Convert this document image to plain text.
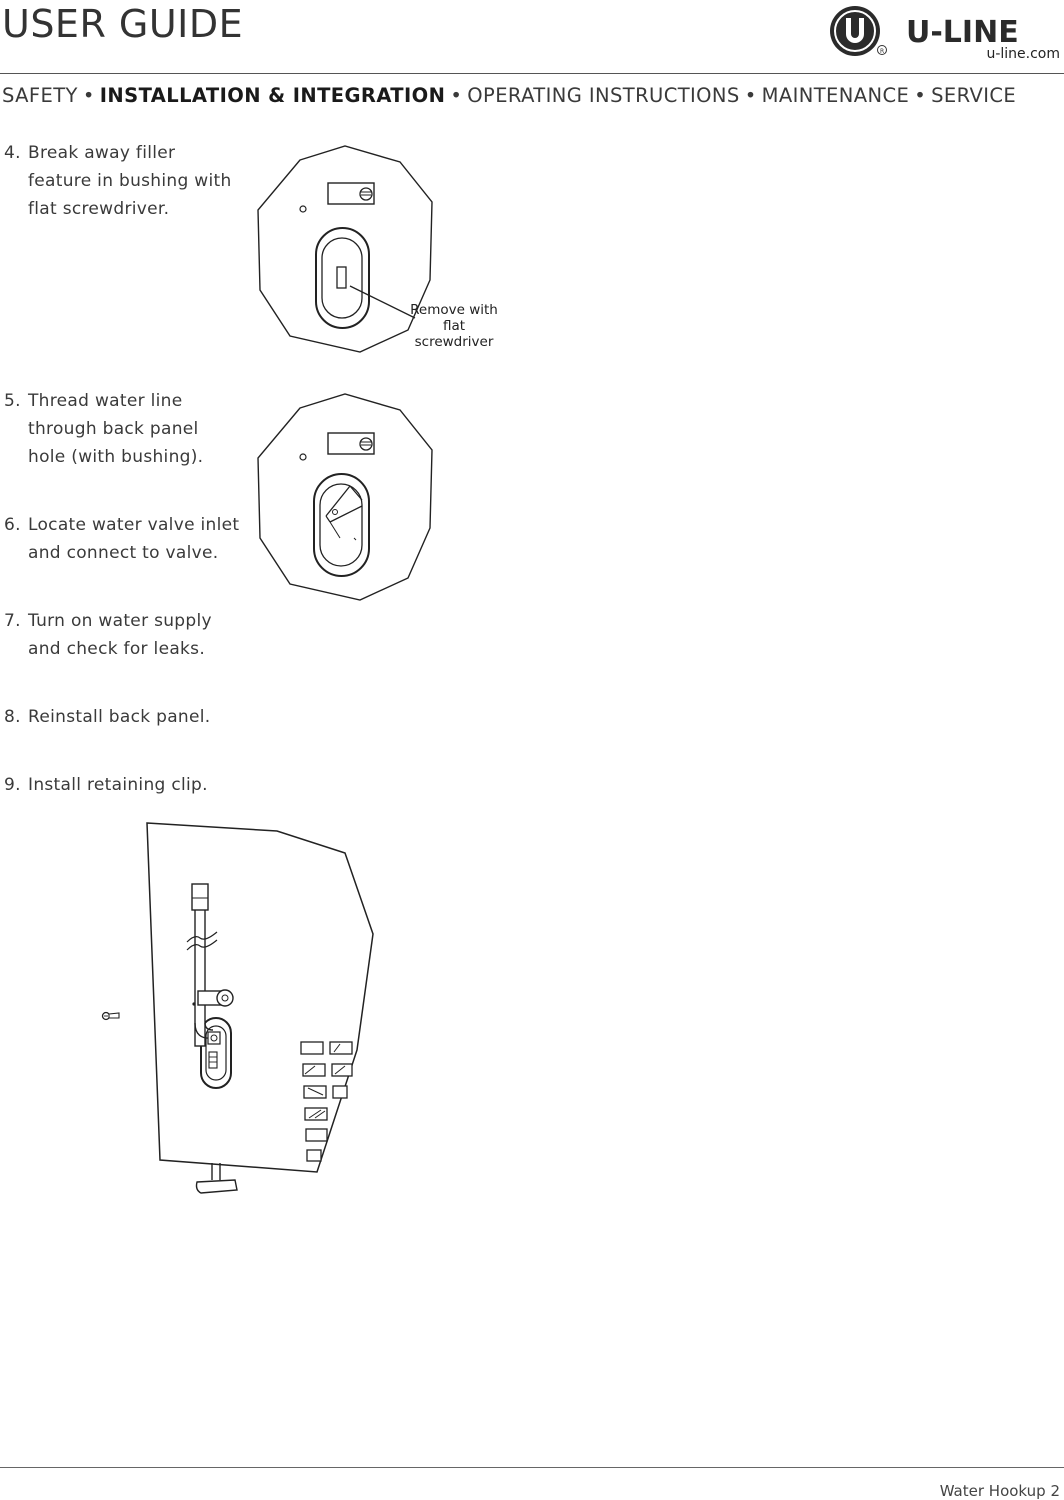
USER GUIDE
R
U-LINE
u-line.com
SAFETY • INSTALLATION & INTEGRATION • OPERATING INSTRUCTIONS • MAINTENANCE • SERVICE
4. Break away filler feature in bushing with flat screwdriver.
5. Thread water line through back panel hole (with bushing).
6. Locate water valve inlet and connect to valve.
7. Turn on water supply and check for leaks.
8. Reinstall back panel.
9. Install retaining clip.
Remove with flat screwdriver
Water Hookup 2
